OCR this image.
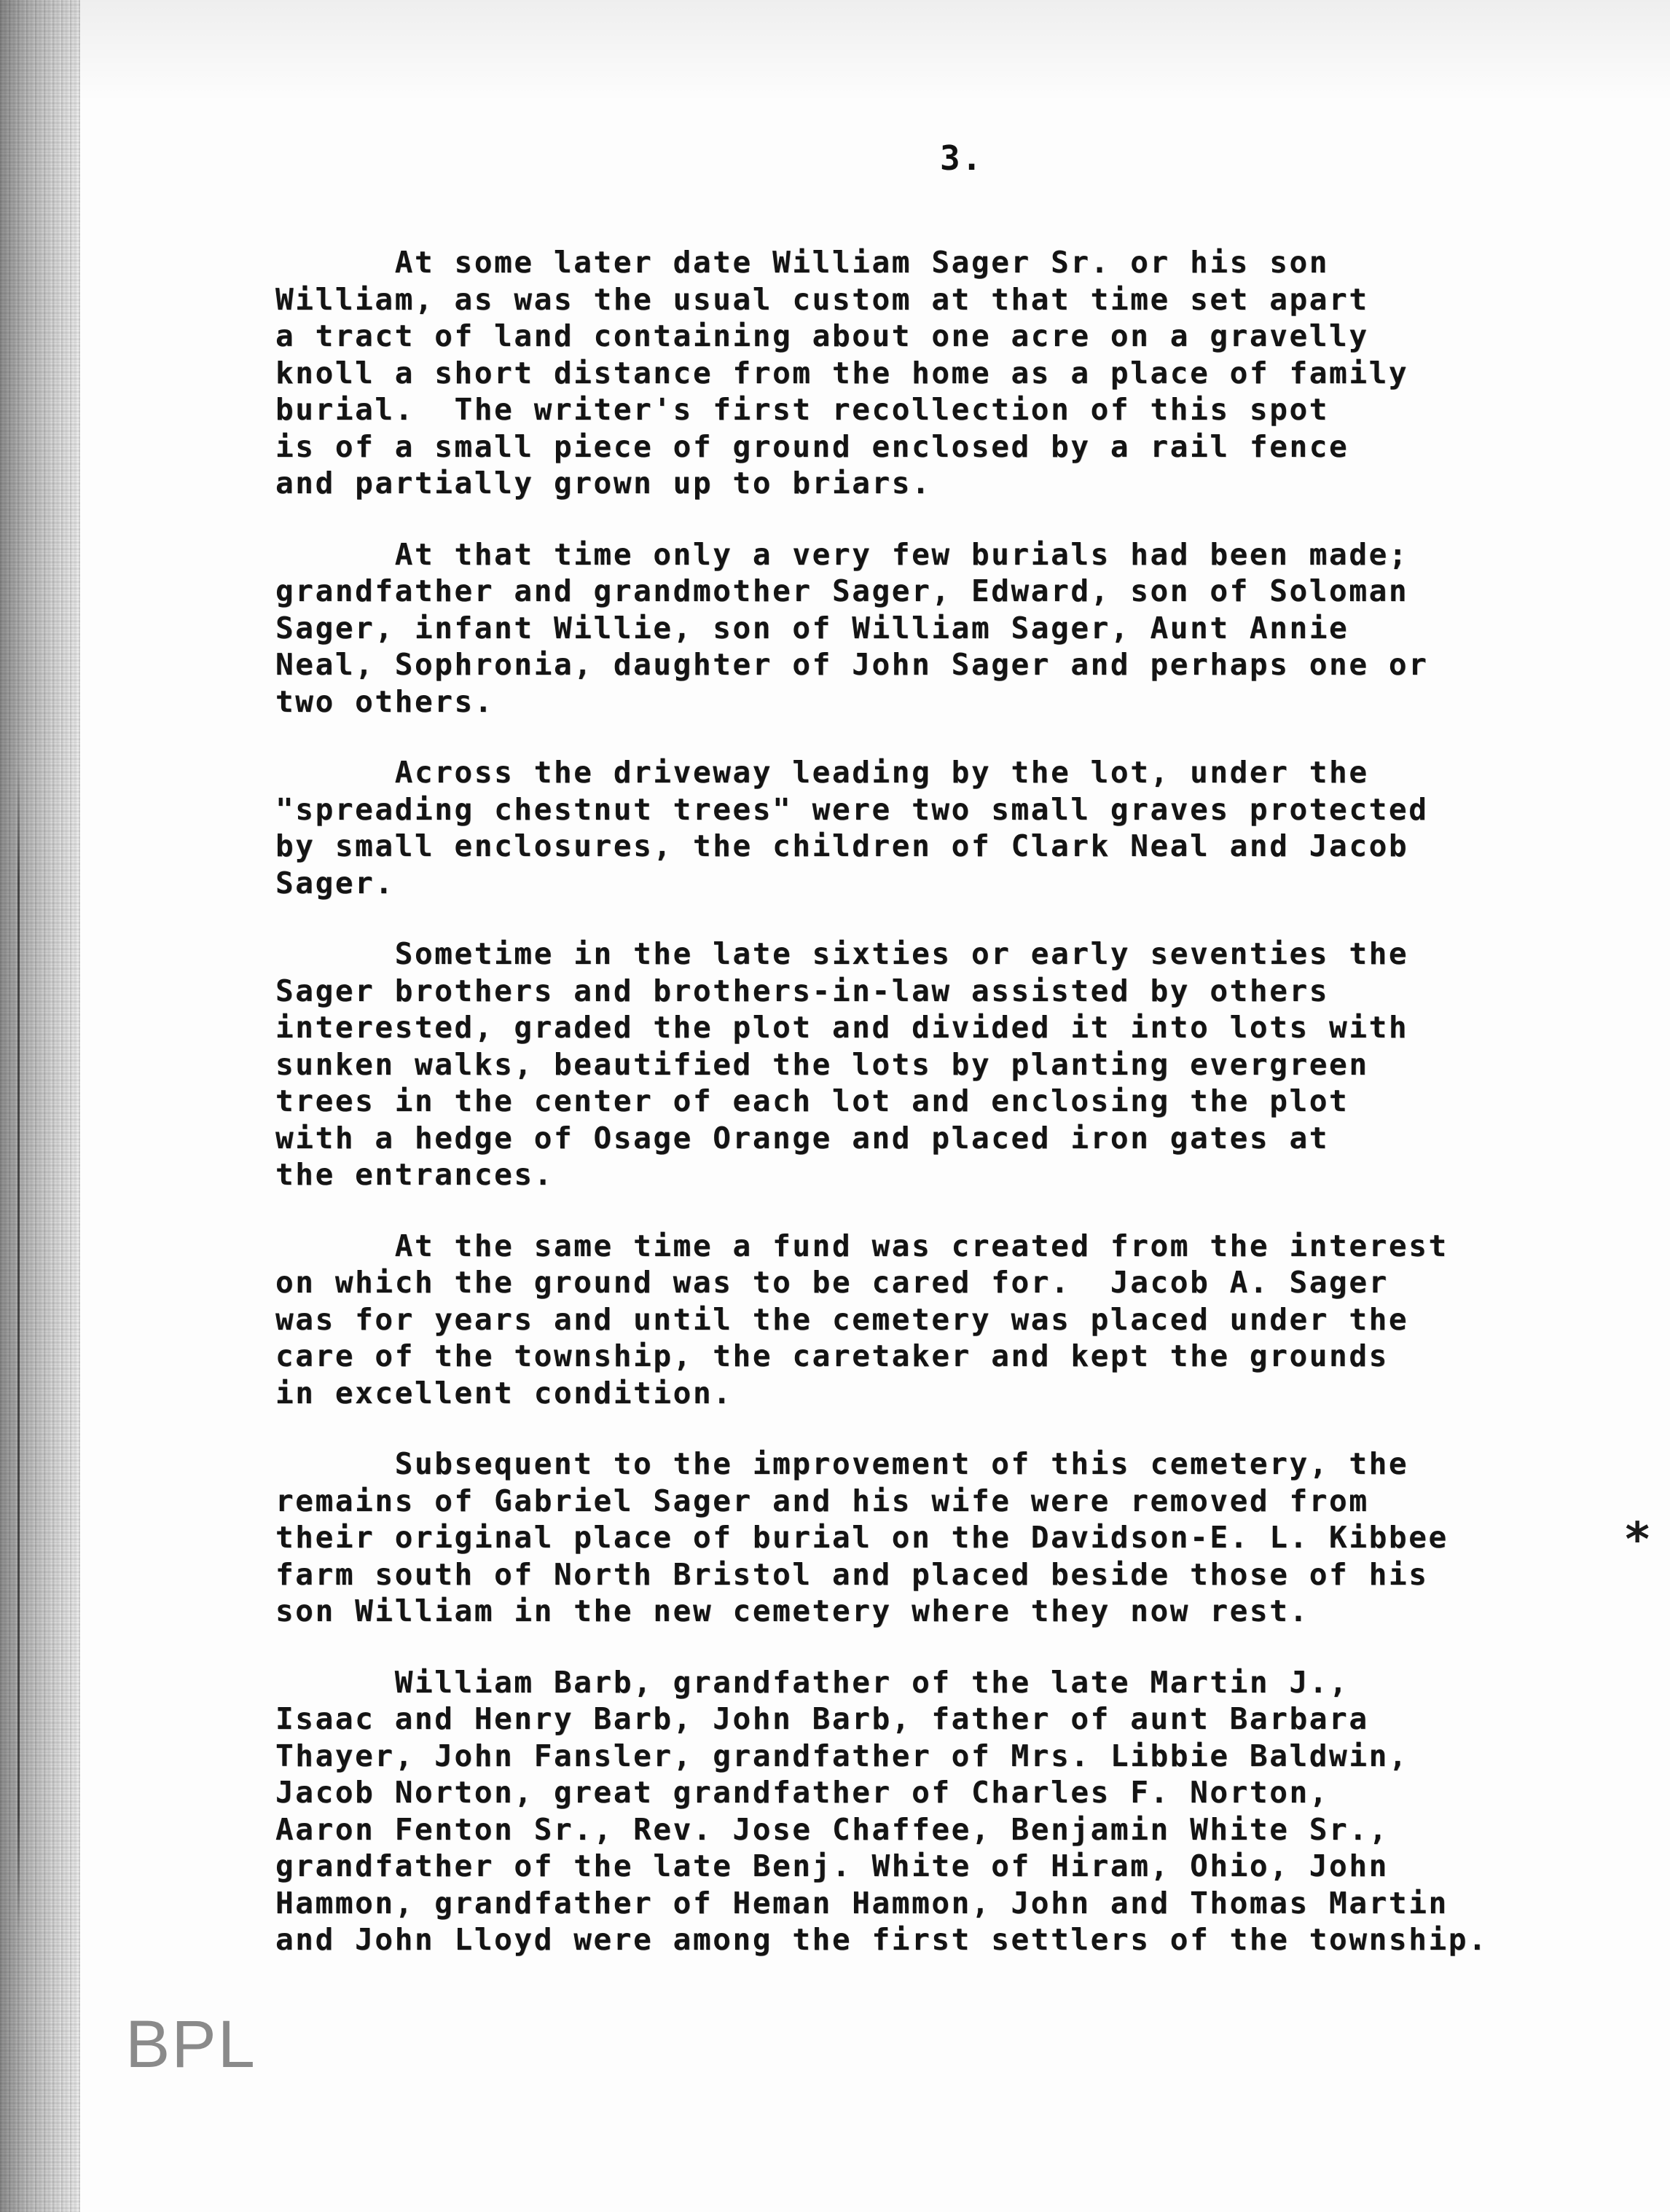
3.
At some later date William Sager Sr. or his son
William, as was the usual custom at that time set apart
a tract of land containing about one acre on a gravelly
knoll a short distance from the home as a place of family
burial.  The writer's first recollection of this spot
is of a small piece of ground enclosed by a rail fence
and partially grown up to briars.
At that time only a very few burials had been made;
grandfather and grandmother Sager, Edward, son of Soloman
Sager, infant Willie, son of William Sager, Aunt Annie
Neal, Sophronia, daughter of John Sager and perhaps one or
two others.
Across the driveway leading by the lot, under the
"spreading chestnut trees" were two small graves protected
by small enclosures, the children of Clark Neal and Jacob
Sager.
Sometime in the late sixties or early seventies the
Sager brothers and brothers-in-law assisted by others
interested, graded the plot and divided it into lots with
sunken walks, beautified the lots by planting evergreen
trees in the center of each lot and enclosing the plot
with a hedge of Osage Orange and placed iron gates at
the entrances.
At the same time a fund was created from the interest
on which the ground was to be cared for.  Jacob A. Sager
was for years and until the cemetery was placed under the
care of the township, the caretaker and kept the grounds
in excellent condition.
Subsequent to the improvement of this cemetery, the
remains of Gabriel Sager and his wife were removed from
their original place of burial on the Davidson-E. L. Kibbee
farm south of North Bristol and placed beside those of his
son William in the new cemetery where they now rest.
William Barb, grandfather of the late Martin J.,
Isaac and Henry Barb, John Barb, father of aunt Barbara
Thayer, John Fansler, grandfather of Mrs. Libbie Baldwin,
Jacob Norton, great grandfather of Charles F. Norton,
Aaron Fenton Sr., Rev. Jose Chaffee, Benjamin White Sr.,
grandfather of the late Benj. White of Hiram, Ohio, John
Hammon, grandfather of Heman Hammon, John and Thomas Martin
and John Lloyd were among the first settlers of the township.
*
BPL
